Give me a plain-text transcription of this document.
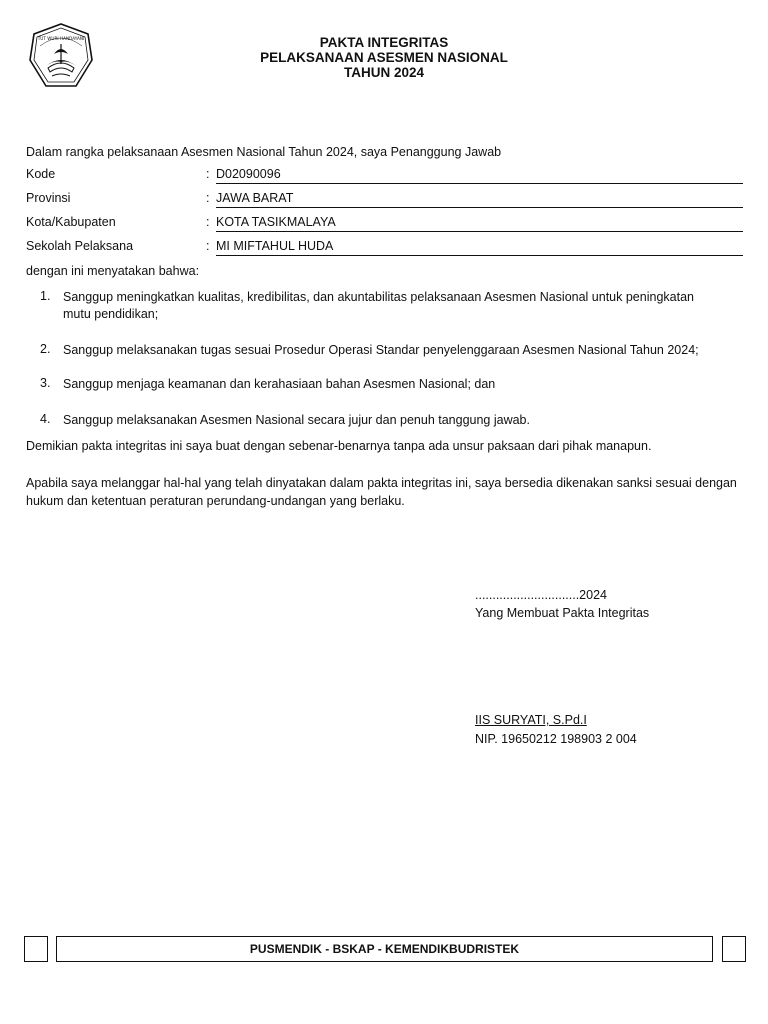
TUT WURI HANDAYANI	PAKTA INTEGRITAS
PELAKSANAAN ASESMEN NASIONAL
TAHUN 2024
Dalam rangka pelaksanaan Asesmen Nasional Tahun 2024, saya Penanggung Jawab
Kode	: D02090096
Provinsi	: JAWA BARAT
Kota/Kabupaten	: KOTA TASIKMALAYA
Sekolah Pelaksana	: MI MIFTAHUL HUDA
dengan ini menyatakan bahwa:
1. Sanggup meningkatkan kualitas, kredibilitas, dan akuntabilitas pelaksanaan Asesmen Nasional untuk peningkatan mutu pendidikan;
2. Sanggup melaksanakan tugas sesuai Prosedur Operasi Standar penyelenggaraan Asesmen Nasional Tahun 2024;
3. Sanggup menjaga keamanan dan kerahasiaan bahan Asesmen Nasional; dan
4. Sanggup melaksanakan Asesmen Nasional secara jujur dan penuh tanggung jawab.
Demikian pakta integritas ini saya buat dengan sebenar-benarnya tanpa ada unsur paksaan dari pihak manapun.
Apabila saya melanggar hal-hal yang telah dinyatakan dalam pakta integritas ini, saya bersedia dikenakan sanksi sesuai dengan hukum dan ketentuan peraturan perundang-undangan yang berlaku.
..............................2024
Yang Membuat Pakta Integritas
IIS SURYATI, S.Pd.I
NIP. 19650212 198903 2 004
PUSMENDIK - BSKAP - KEMENDIKBUDRISTEK
